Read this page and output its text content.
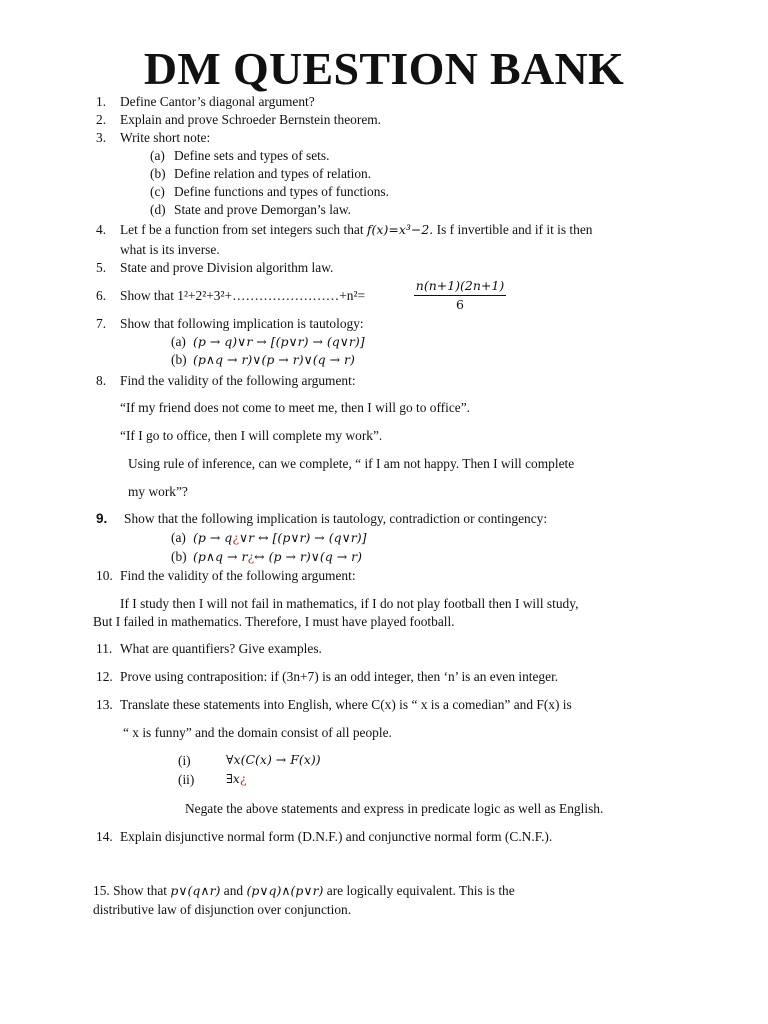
DM QUESTION BANK
1. Define Cantor’s diagonal argument?
2. Explain and prove Schroeder Bernstein theorem.
3. Write short note:
(a) Define sets and types of sets.
(b) Define relation and types of relation.
(c) Define functions and types of functions.
(d) State and prove Demorgan’s law.
4. Let f be a function from set integers such that f(x)=x³−2. Is f invertible and if it is then
what is its inverse.
5. State and prove Division algorithm law.
6. Show that 1²+2²+3²+……………………+n²=
n(n+1)(2n+1)
6
7. Show that following implication is tautology:
(a) (p → q)∨r → [(p∨r) → (q∨r)]
(b) (p∧q → r)∨(p → r)∨(q → r)
8. Find the validity of the following argument:
“If my friend does not come to meet me, then I will go to office”.
“If I go to office, then I will complete my work”.
Using rule of inference, can we complete, “ if I am not happy. Then I will complete
my work”?
9. Show that the following implication is tautology, contradiction or contingency:
(a) (p → q¿∨r ↔ [(p∨r) → (q∨r)]
(b) (p∧q → r¿↔ (p → r)∨(q → r)
10. Find the validity of the following argument:
If I study then I will not fail in mathematics, if I do not play football then I will study,
But I failed in mathematics. Therefore, I must have played football.
11. What are quantifiers? Give examples.
12. Prove using contraposition: if (3n+7) is an odd integer, then ‘n’ is an even integer.
13. Translate these statements into English, where C(x) is “ x is a comedian” and F(x) is
“ x is funny” and the domain consist of all people.
(i)	∀x(C(x) → F(x))
(ii)	∃x¿
Negate the above statements and express in predicate logic as well as English.
14. Explain disjunctive normal form (D.N.F.) and conjunctive normal form (C.N.F.).
15. Show that p∨(q∧r) and (p∨q)∧(p∨r) are logically equivalent. This is the
distributive law of disjunction over conjunction.
